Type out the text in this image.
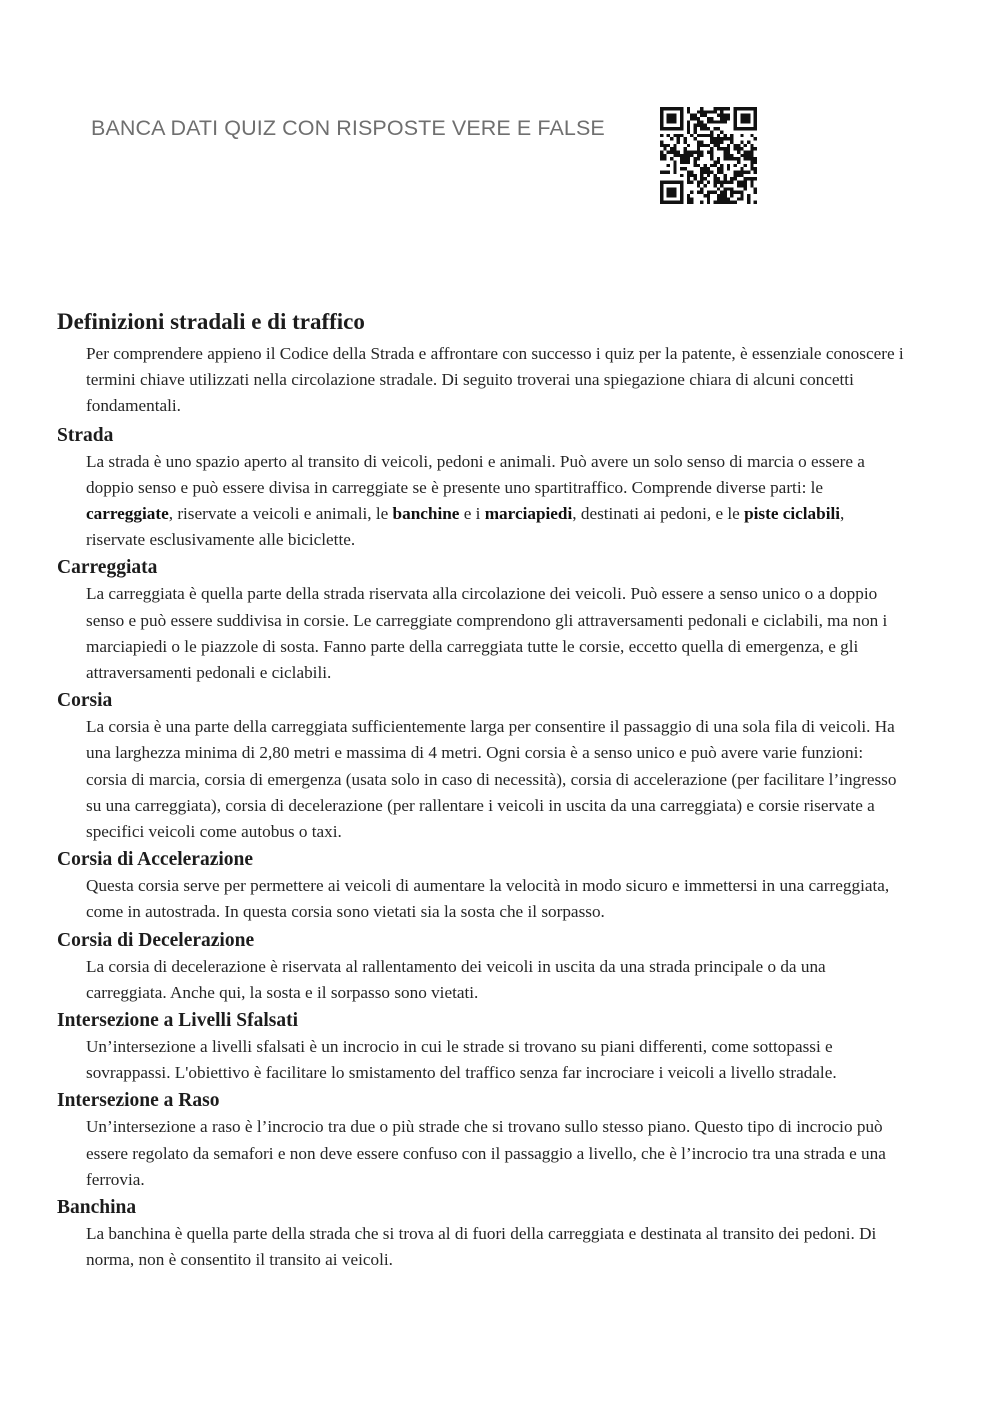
BANCA DATI QUIZ CON RISPOSTE VERE E FALSE
Definizioni stradali e di traffico

Per comprendere appieno il Codice della Strada e affrontare con successo i quiz per la patente, è essenziale conoscere i termini chiave utilizzati nella circolazione stradale. Di seguito troverai una spiegazione chiara di alcuni concetti fondamentali.

Strada

La strada è uno spazio aperto al transito di veicoli, pedoni e animali. Può avere un solo senso di marcia o essere a doppio senso e può essere divisa in carreggiate se è presente uno spartitraffico. Comprende diverse parti: le carreggiate, riservate a veicoli e animali, le banchine e i marciapiedi, destinati ai pedoni, e le piste ciclabili, riservate esclusivamente alle biciclette.

Carreggiata

La carreggiata è quella parte della strada riservata alla circolazione dei veicoli. Può essere a senso unico o a doppio senso e può essere suddivisa in corsie. Le carreggiate comprendono gli attraversamenti pedonali e ciclabili, ma non i marciapiedi o le piazzole di sosta. Fanno parte della carreggiata tutte le corsie, eccetto quella di emergenza, e gli attraversamenti pedonali e ciclabili.

Corsia

La corsia è una parte della carreggiata sufficientemente larga per consentire il passaggio di una sola fila di veicoli. Ha una larghezza minima di 2,80 metri e massima di 4 metri. Ogni corsia è a senso unico e può avere varie funzioni: corsia di marcia, corsia di emergenza (usata solo in caso di necessità), corsia di accelerazione (per facilitare l’ingresso su una carreggiata), corsia di decelerazione (per rallentare i veicoli in uscita da una carreggiata) e corsie riservate a specifici veicoli come autobus o taxi.

Corsia di Accelerazione

Questa corsia serve per permettere ai veicoli di aumentare la velocità in modo sicuro e immettersi in una carreggiata, come in autostrada. In questa corsia sono vietati sia la sosta che il sorpasso.

Corsia di Decelerazione

La corsia di decelerazione è riservata al rallentamento dei veicoli in uscita da una strada principale o da una carreggiata. Anche qui, la sosta e il sorpasso sono vietati.

Intersezione a Livelli Sfalsati

Un’intersezione a livelli sfalsati è un incrocio in cui le strade si trovano su piani differenti, come sottopassi e sovrappassi. L'obiettivo è facilitare lo smistamento del traffico senza far incrociare i veicoli a livello stradale.

Intersezione a Raso

Un’intersezione a raso è l’incrocio tra due o più strade che si trovano sullo stesso piano. Questo tipo di incrocio può essere regolato da semafori e non deve essere confuso con il passaggio a livello, che è l’incrocio tra una strada e una ferrovia.

Banchina

La banchina è quella parte della strada che si trova al di fuori della carreggiata e destinata al transito dei pedoni. Di norma, non è consentito il transito ai veicoli.
